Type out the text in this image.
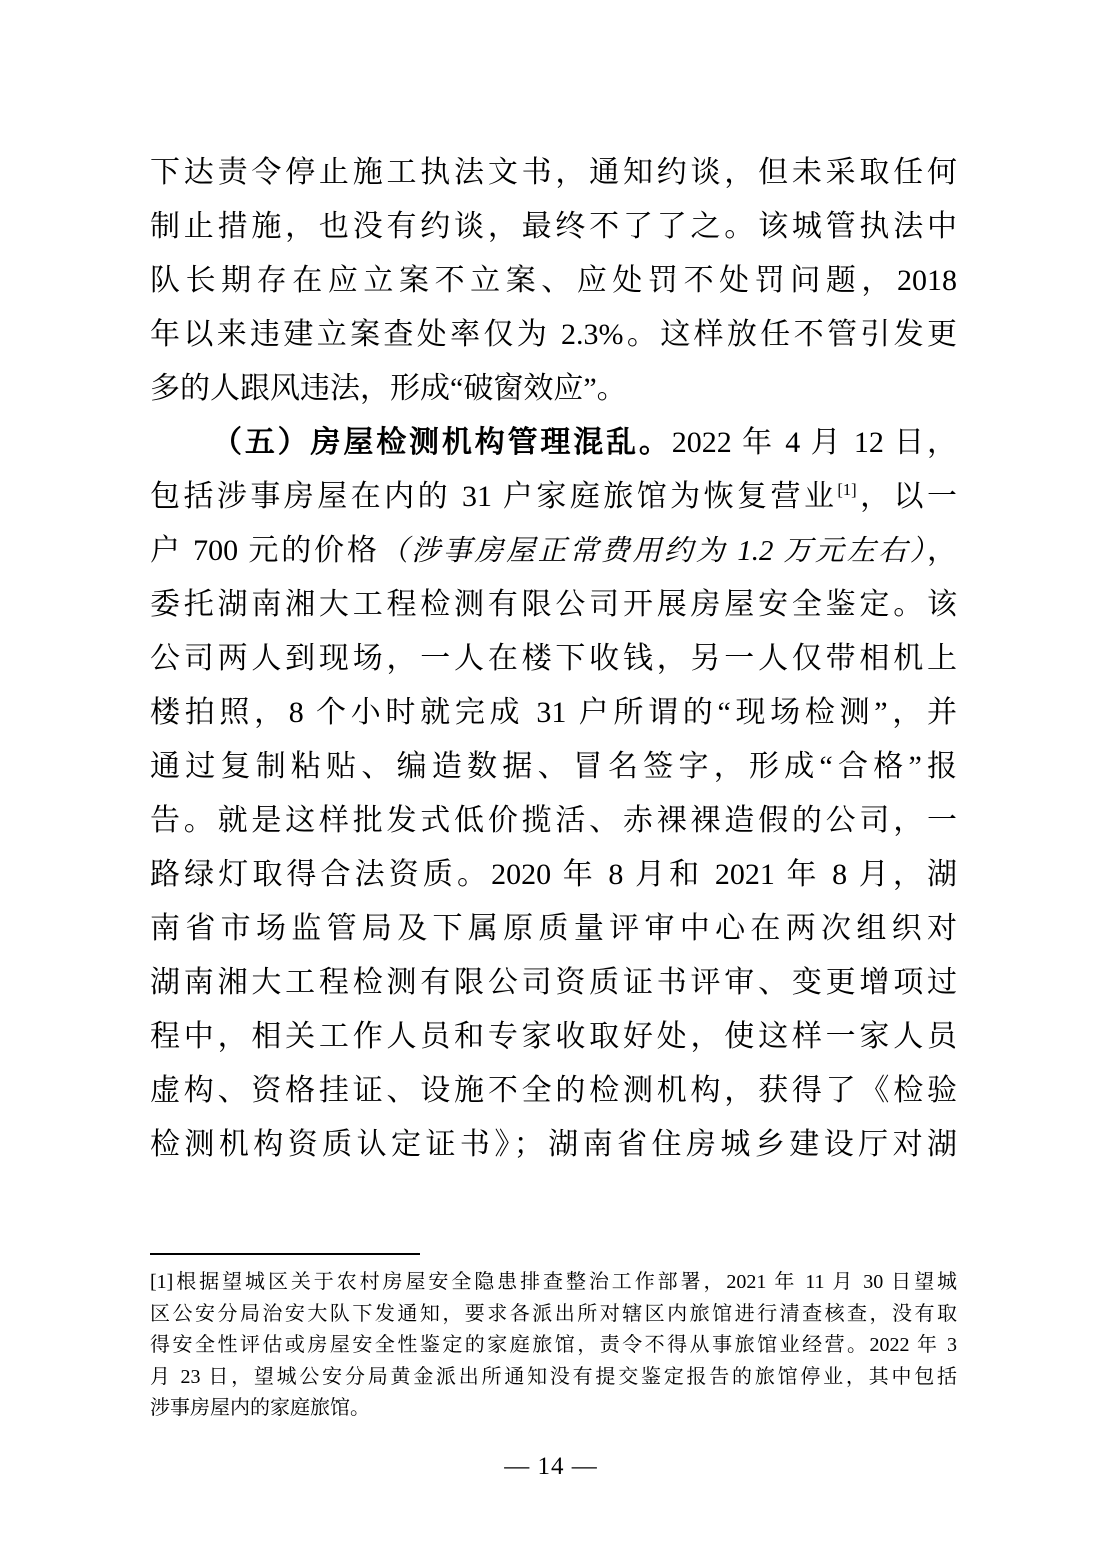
下达责令停止施工执法文书，通知约谈，但未采取任何
制止措施，也没有约谈，最终不了了之。该城管执法中
队长期存在应立案不立案、应处罚不处罚问题，2018
年以来违建立案查处率仅为 2.3%。这样放任不管引发更
多的人跟风违法，形成“破窗效应”。
（五）房屋检测机构管理混乱。2022 年 4 月 12 日，
包括涉事房屋在内的 31 户家庭旅馆为恢复营业[1]，以一
户 700 元的价格（涉事房屋正常费用约为 1.2 万元左右），
委托湖南湘大工程检测有限公司开展房屋安全鉴定。该
公司两人到现场，一人在楼下收钱，另一人仅带相机上
楼拍照，8 个小时就完成 31 户所谓的“现场检测”，并
通过复制粘贴、编造数据、冒名签字，形成“合格”报
告。就是这样批发式低价揽活、赤裸裸造假的公司，一
路绿灯取得合法资质。2020 年 8 月和 2021 年 8 月，湖
南省市场监管局及下属原质量评审中心在两次组织对
湖南湘大工程检测有限公司资质证书评审、变更增项过
程中，相关工作人员和专家收取好处，使这样一家人员
虚构、资格挂证、设施不全的检测机构，获得了《检验
检测机构资质认定证书》；湖南省住房城乡建设厅对湖
[1]根据望城区关于农村房屋安全隐患排查整治工作部署，2021 年 11 月 30 日望城
区公安分局治安大队下发通知，要求各派出所对辖区内旅馆进行清查核查，没有取
得安全性评估或房屋安全性鉴定的家庭旅馆，责令不得从事旅馆业经营。2022 年 3
月 23 日，望城公安分局黄金派出所通知没有提交鉴定报告的旅馆停业，其中包括
涉事房屋内的家庭旅馆。
— 14 —
